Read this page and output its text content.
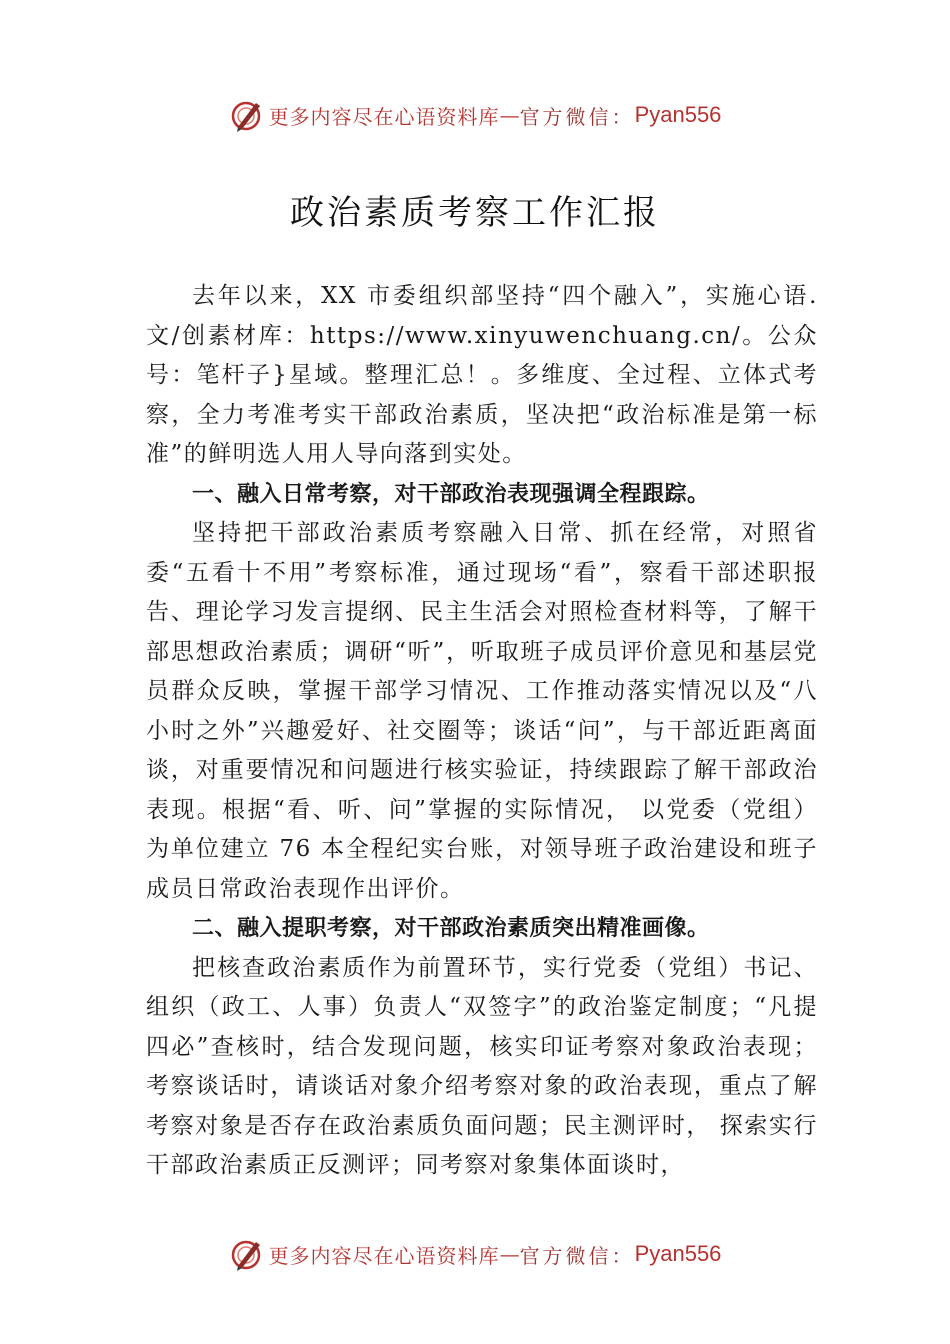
更多内容尽在心语资料库 — 官方微信： Pyan556
政治素质考察工作汇报

去年以来，XX 市委组织部坚持“四个融入”，实施心语.文/创素材库：https://www.xinyuwenchuang.cn/。公众号：笔杆子}星域。整理汇总！。多维度、全过程、立体式考察，全力考准考实干部政治素质，坚决把“政治标准是第一标准”的鲜明选人用人导向落到实处。

一、融入日常考察，对干部政治表现强调全程跟踪。

坚持把干部政治素质考察融入日常、抓在经常，对照省委“五看十不用”考察标准，通过现场“看”，察看干部述职报告、理论学习发言提纲、民主生活会对照检查材料等，了解干部思想政治素质；调研“听”，听取班子成员评价意见和基层党员群众反映，掌握干部学习情况、工作推动落实情况以及“八小时之外”兴趣爱好、社交圈等；谈话“问”，与干部近距离面谈，对重要情况和问题进行核实验证，持续跟踪了解干部政治表现。根据“看、听、问”掌握的实际情况， 以党委（党组）为单位建立 76 本全程纪实台账，对领导班子政治建设和班子成员日常政治表现作出评价。

二、融入提职考察，对干部政治素质突出精准画像。

把核查政治素质作为前置环节，实行党委（党组）书记、组织（政工、人事）负责人“双签字”的政治鉴定制度；“凡提四必”查核时，结合发现问题，核实印证考察对象政治表现；考察谈话时，请谈话对象介绍考察对象的政治表现，重点了解考察对象是否存在政治素质负面问题；民主测评时， 探索实行干部政治素质正反测评；同考察对象集体面谈时，

更多内容尽在心语资料库 — 官方微信： Pyan556
